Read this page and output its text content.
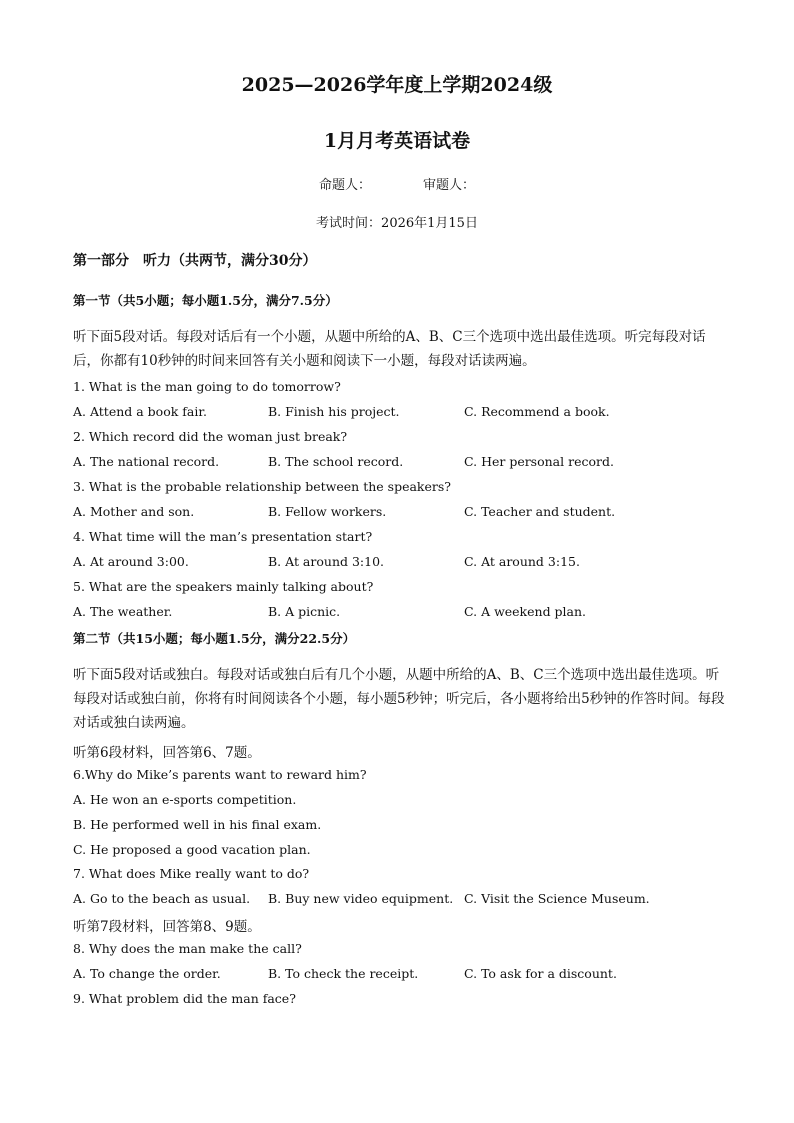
2025—2026学年度上学期2024级
1月月考英语试卷
命题人：	审题人：
考试时间：2026年1月15日
第一部分　听力（共两节，满分30分）
第一节（共5小题；每小题1.5分，满分7.5分）
听下面5段对话。每段对话后有一个小题，从题中所给的A、B、C三个选项中选出最佳选项。听完每段对话后，你都有10秒钟的时间来回答有关小题和阅读下一小题，每段对话读两遍。
1. What is the man going to do tomorrow?
A. Attend a book fair.	B. Finish his project.	C. Recommend a book.
2. Which record did the woman just break?
A. The national record.	B. The school record.	C. Her personal record.
3. What is the probable relationship between the speakers?
A. Mother and son.	B. Fellow workers.	C. Teacher and student.
4. What time will the man’s presentation start?
A. At around 3:00.	B. At around 3:10.	C. At around 3:15.
5. What are the speakers mainly talking about?
A. The weather.	B. A picnic.	C. A weekend plan.
第二节（共15小题；每小题1.5分，满分22.5分）
听下面5段对话或独白。每段对话或独白后有几个小题，从题中所给的A、B、C三个选项中选出最佳选项。听每段对话或独白前，你将有时间阅读各个小题，每小题5秒钟；听完后，各小题将给出5秒钟的作答时间。每段对话或独白读两遍。
听第6段材料，回答第6、7题。
6.Why do Mike’s parents want to reward him?
A. He won an e-sports competition.
B. He performed well in his final exam.
C. He proposed a good vacation plan.
7. What does Mike really want to do?
A. Go to the beach as usual. B. Buy new video equipment. C. Visit the Science Museum.
听第7段材料，回答第8、9题。
8. Why does the man make the call?
A. To change the order.	B. To check the receipt.	C. To ask for a discount.
9. What problem did the man face?
